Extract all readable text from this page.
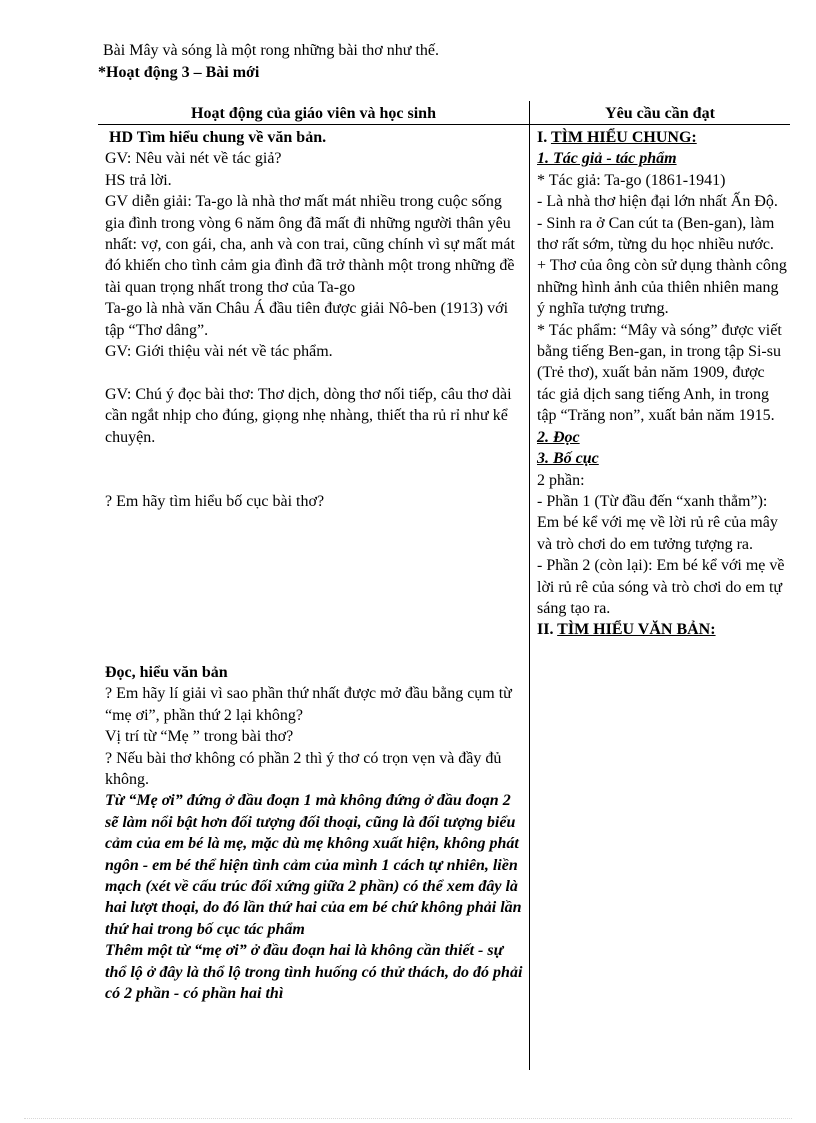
Bài Mây và sóng là một rong những bài thơ như thế.
*Hoạt động 3 – Bài mới
Hoạt động của giáo viên và học sinh	Yêu cầu cần đạt

HD Tìm hiểu chung về văn bản.

GV: Nêu vài nét về tác giả?

HS trả lời.

GV diễn giải: Ta-go là nhà thơ mất mát nhiều trong cuộc sống gia đình trong vòng 6 năm ông đã mất đi những người thân yêu nhất: vợ, con gái, cha, anh và con trai, cũng chính vì sự mất mát đó khiến cho tình cảm gia đình đã trở thành một trong những đề tài quan trọng nhất trong thơ của Ta-go

Ta-go là nhà văn Châu Á đầu tiên được giải Nô-ben (1913) với tập “Thơ dâng”.

GV: Giới thiệu vài nét về tác phẩm.

GV: Chú ý đọc bài thơ: Thơ dịch, dòng thơ nối tiếp, câu thơ dài cần ngắt nhịp cho đúng, giọng nhẹ nhàng, thiết tha rủ rỉ như kể chuyện.

? Em hãy tìm hiểu bố cục bài thơ?

Đọc, hiểu văn bản

? Em hãy lí giải vì sao phần thứ nhất được mở đầu bằng cụm từ “mẹ ơi”, phần thứ 2 lại không?

Vị trí từ “Mẹ ” trong bài thơ?

? Nếu bài thơ không có phần 2 thì ý thơ có trọn vẹn và đầy đủ không.

Từ “Mẹ ơi” đứng ở đầu đoạn 1 mà không đứng ở đầu đoạn 2 sẽ làm nổi bật hơn đối tượng đối thoại, cũng là đối tượng biểu cảm của em bé là mẹ, mặc dù mẹ không xuất hiện, không phát ngôn - em bé thể hiện tình cảm của mình 1 cách tự nhiên, liền mạch (xét về cấu trúc đối xứng giữa 2 phần) có thể xem đây là hai lượt thoại, do đó lần thứ hai của em bé chứ không phải lần thứ hai trong bố cục tác phẩm

Thêm một từ “mẹ ơi” ở đầu đoạn hai là không cần thiết - sự thổ lộ ở đây là thổ lộ trong tình huống có thử thách, do đó phải có 2 phần - có phần hai thì

I. TÌM HIỂU CHUNG:

1. Tác giả - tác phẩm

* Tác giả: Ta-go (1861-1941)

- Là nhà thơ hiện đại lớn nhất Ấn Độ.

- Sinh ra ở Can cút ta (Ben-gan), làm thơ rất sớm, từng du học nhiều nước.

+ Thơ của ông còn sử dụng thành công những hình ảnh của thiên nhiên mang ý nghĩa tượng trưng.

* Tác phẩm: “Mây và sóng” được viết bằng tiếng Ben-gan, in trong tập Si-su (Trẻ thơ), xuất bản năm 1909, được tác giả dịch sang tiếng Anh, in trong tập “Trăng non”, xuất bản năm 1915.

2. Đọc

3. Bố cục

2 phần:

- Phần 1 (Từ đầu đến “xanh thẳm”): Em bé kể với mẹ về lời rủ rê của mây và trò chơi do em tưởng tượng ra.

- Phần 2 (còn lại): Em bé kể với mẹ về lời rủ rê của sóng và trò chơi do em tự sáng tạo ra.

II. TÌM HIỂU VĂN BẢN:
